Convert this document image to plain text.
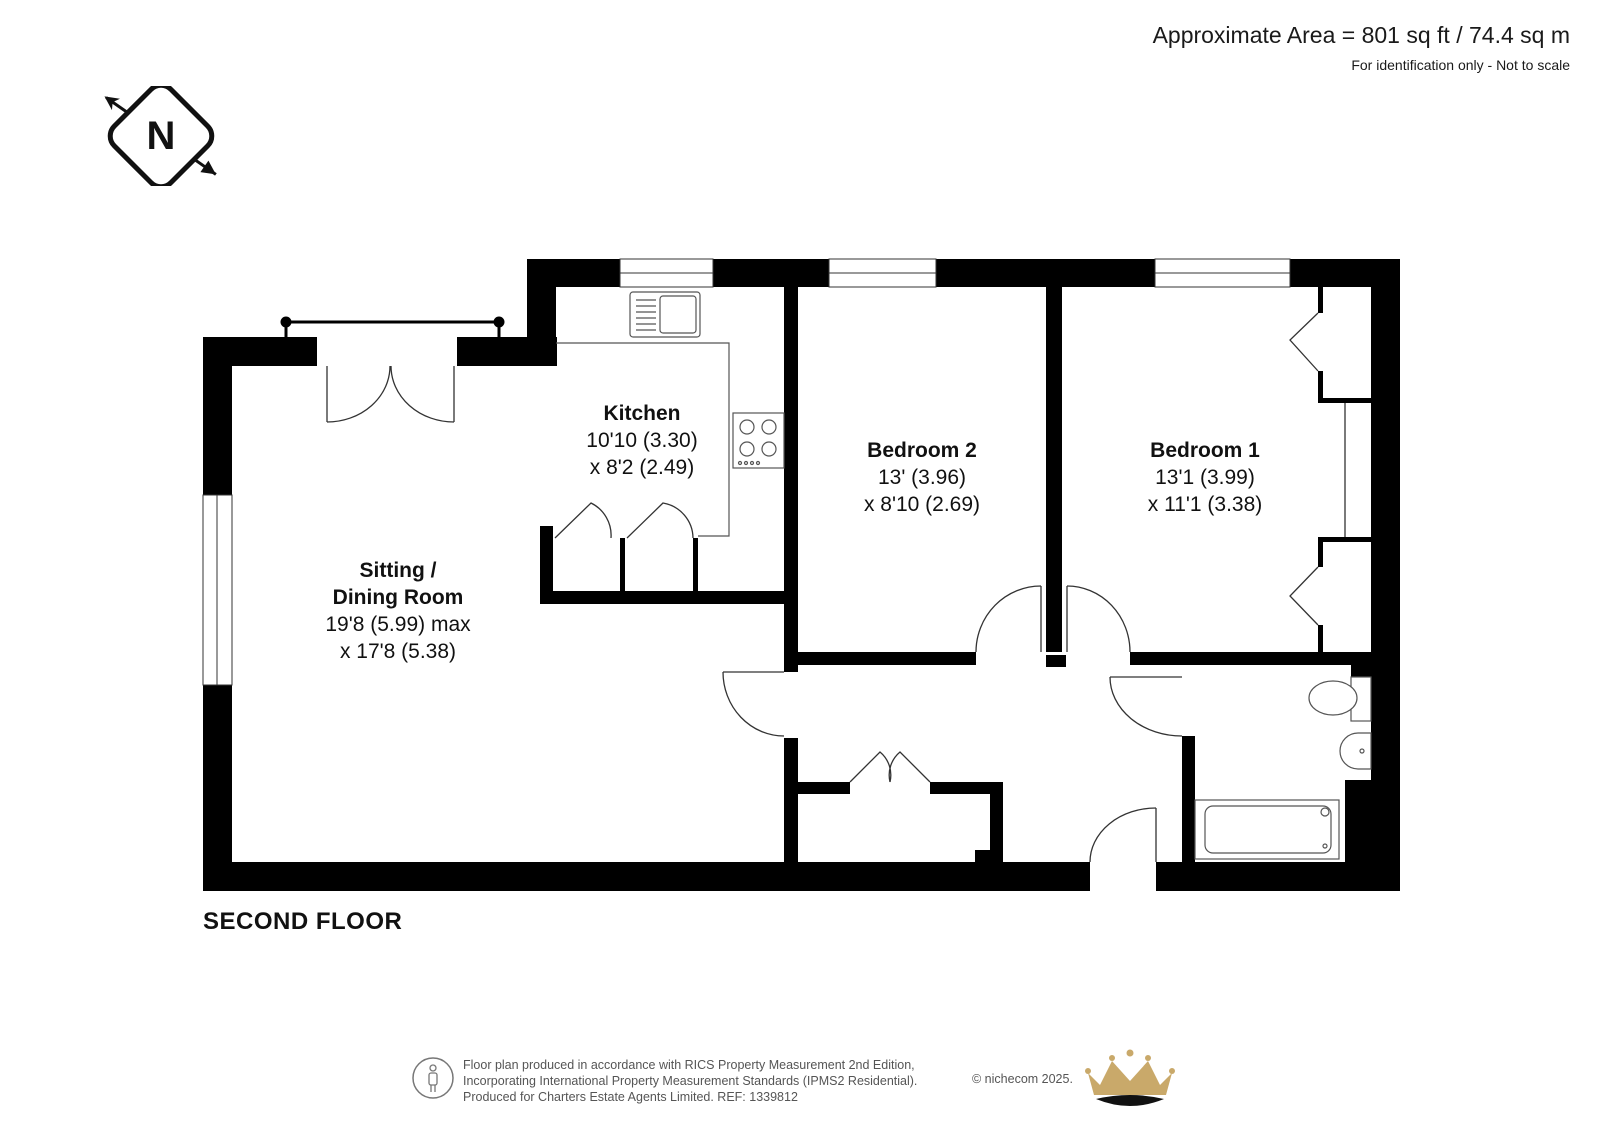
Approximate Area = 801 sq ft / 74.4 sq m
For identification only - Not to scale
N
Sitting /
Dining Room
19'8 (5.99) max
x 17'8 (5.38)
Kitchen
10'10 (3.30)
x 8'2 (2.49)
Bedroom 2
13' (3.96)
x 8'10 (2.69)
Bedroom 1
13'1 (3.99)
x 11'1 (3.38)
SECOND FLOOR
Floor plan produced in accordance with RICS Property Measurement 2nd Edition,
Incorporating International Property Measurement Standards (IPMS2 Residential).
Produced for Charters Estate Agents Limited. REF: 1339812
© nichecom 2025.
